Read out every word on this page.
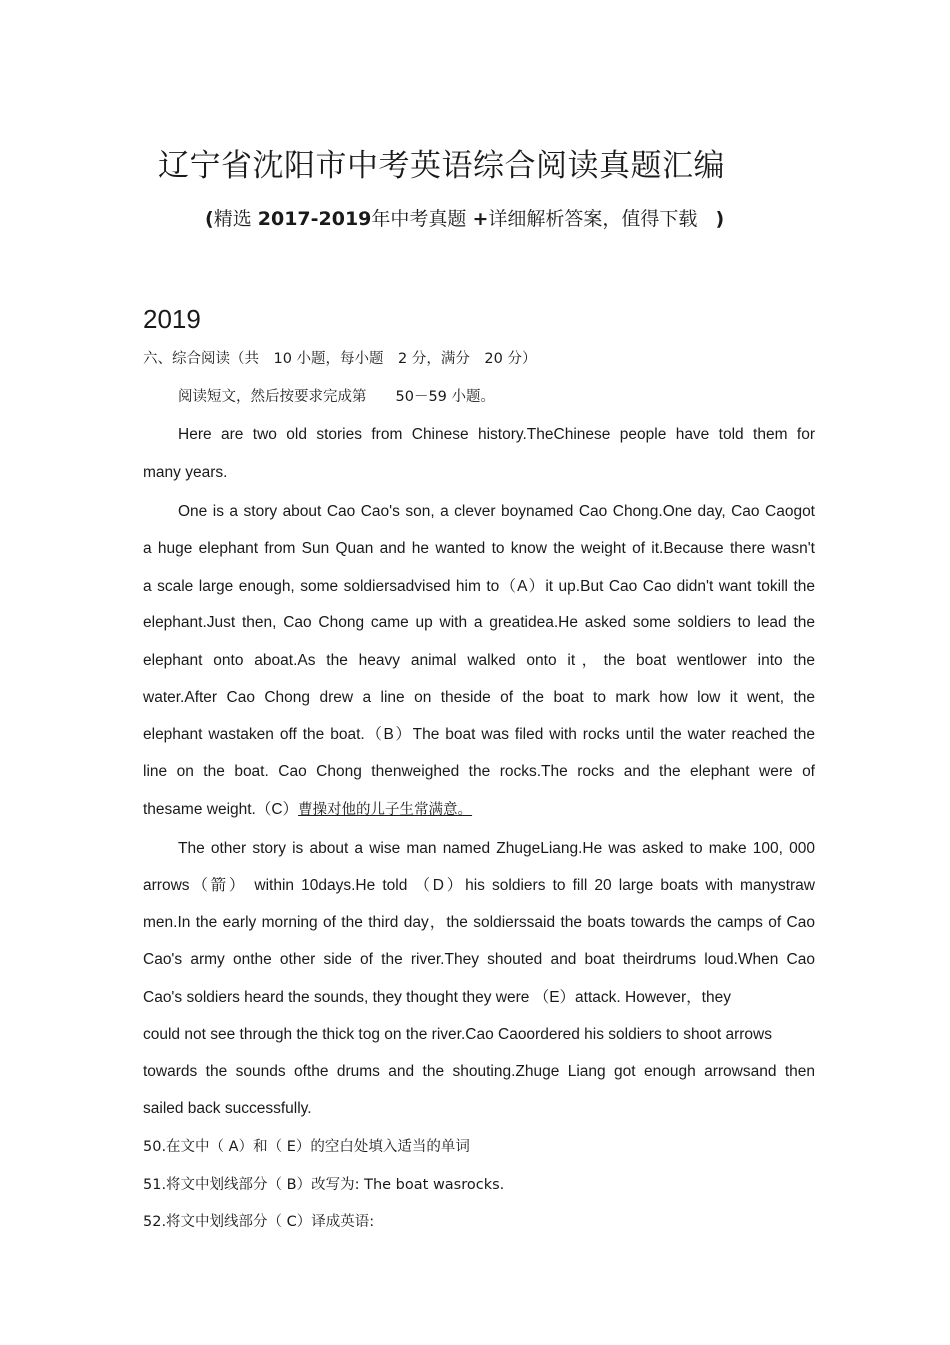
辽宁省沈阳市中考英语综合阅读真题汇编
(精选 2017-2019年中考真题 +详细解析答案，值得下载 )
2019
六、综合阅读（共　10 小题，每小题　2 分，满分　20 分）
阅读短文，然后按要求完成第　　50－59 小题。
Here are two old stories from Chinese history.TheChinese people have told them for
many years.
One is a story about Cao Cao's son, a clever boynamed Cao Chong.One day, Cao Caogot
a huge elephant from Sun Quan and he wanted to know the weight of it.Because there wasn't
a scale large enough, some soldiersadvised him to（A）it up.But Cao Cao didn't want tokill the
elephant.Just then, Cao Chong came up with a greatidea.He asked some soldiers to lead the
elephant onto aboat.As the heavy animal walked onto it，the boat wentlower into the
water.After Cao Chong drew a line on theside of the boat to mark how low it went, the
elephant wastaken off the boat.（B）The boat was filed with rocks until the water reached the
line on the boat. Cao Chong thenweighed the rocks.The rocks and the elephant were of
thesame weight.（C）曹操对他的儿子生常满意。
The other story is about a wise man named ZhugeLiang.He was asked to make 100, 000
arrows（箭） within 10days.He told （D）his soldiers to fill 20 large boats with manystraw
men.In the early morning of the third day，the soldierssaid the boats towards the camps of Cao
Cao's army onthe other side of the river.They shouted and boat theirdrums loud.When Cao
Cao's soldiers heard the sounds, they thought they were （E）attack. However，they
could not see through the thick tog on the river.Cao Caoordered his soldiers to shoot arrows
towards the sounds ofthe drums and the shouting.Zhuge Liang got enough arrowsand then
sailed back successfully.
50.在文中（ A）和（ E）的空白处填入适当的单词
51.将文中划线部分（ B）改写为: The boat wasrocks.
52.将文中划线部分（ C）译成英语:
